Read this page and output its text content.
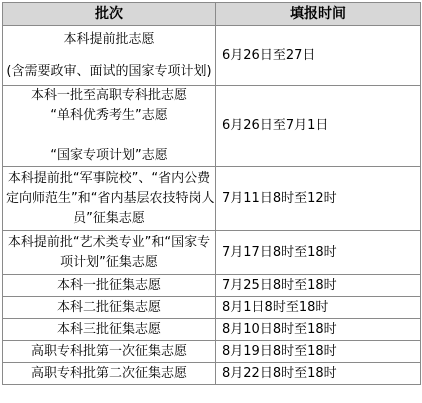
批次	填报时间

本科提前批志愿
(含需要政审、面试的国家专项计划)	6月26日至27日

本科一批至高职专科批志愿
“单科优秀考生”志愿
“国家专项计划”志愿	6月26日至7月1日

本科提前批“军事院校”、“省内公费
定向师范生”和“省内基层农技特岗人
员”征集志愿	7月11日8时至12时

本科提前批“艺术类专业”和“国家专
项计划”征集志愿	7月17日8时至18时
本科一批征集志愿	7月25日8时至18时
本科二批征集志愿	8月1日8时至18时
本科三批征集志愿	8月10日8时至18时
高职专科批第一次征集志愿	8月19日8时至18时
高职专科批第二次征集志愿	8月22日8时至18时
